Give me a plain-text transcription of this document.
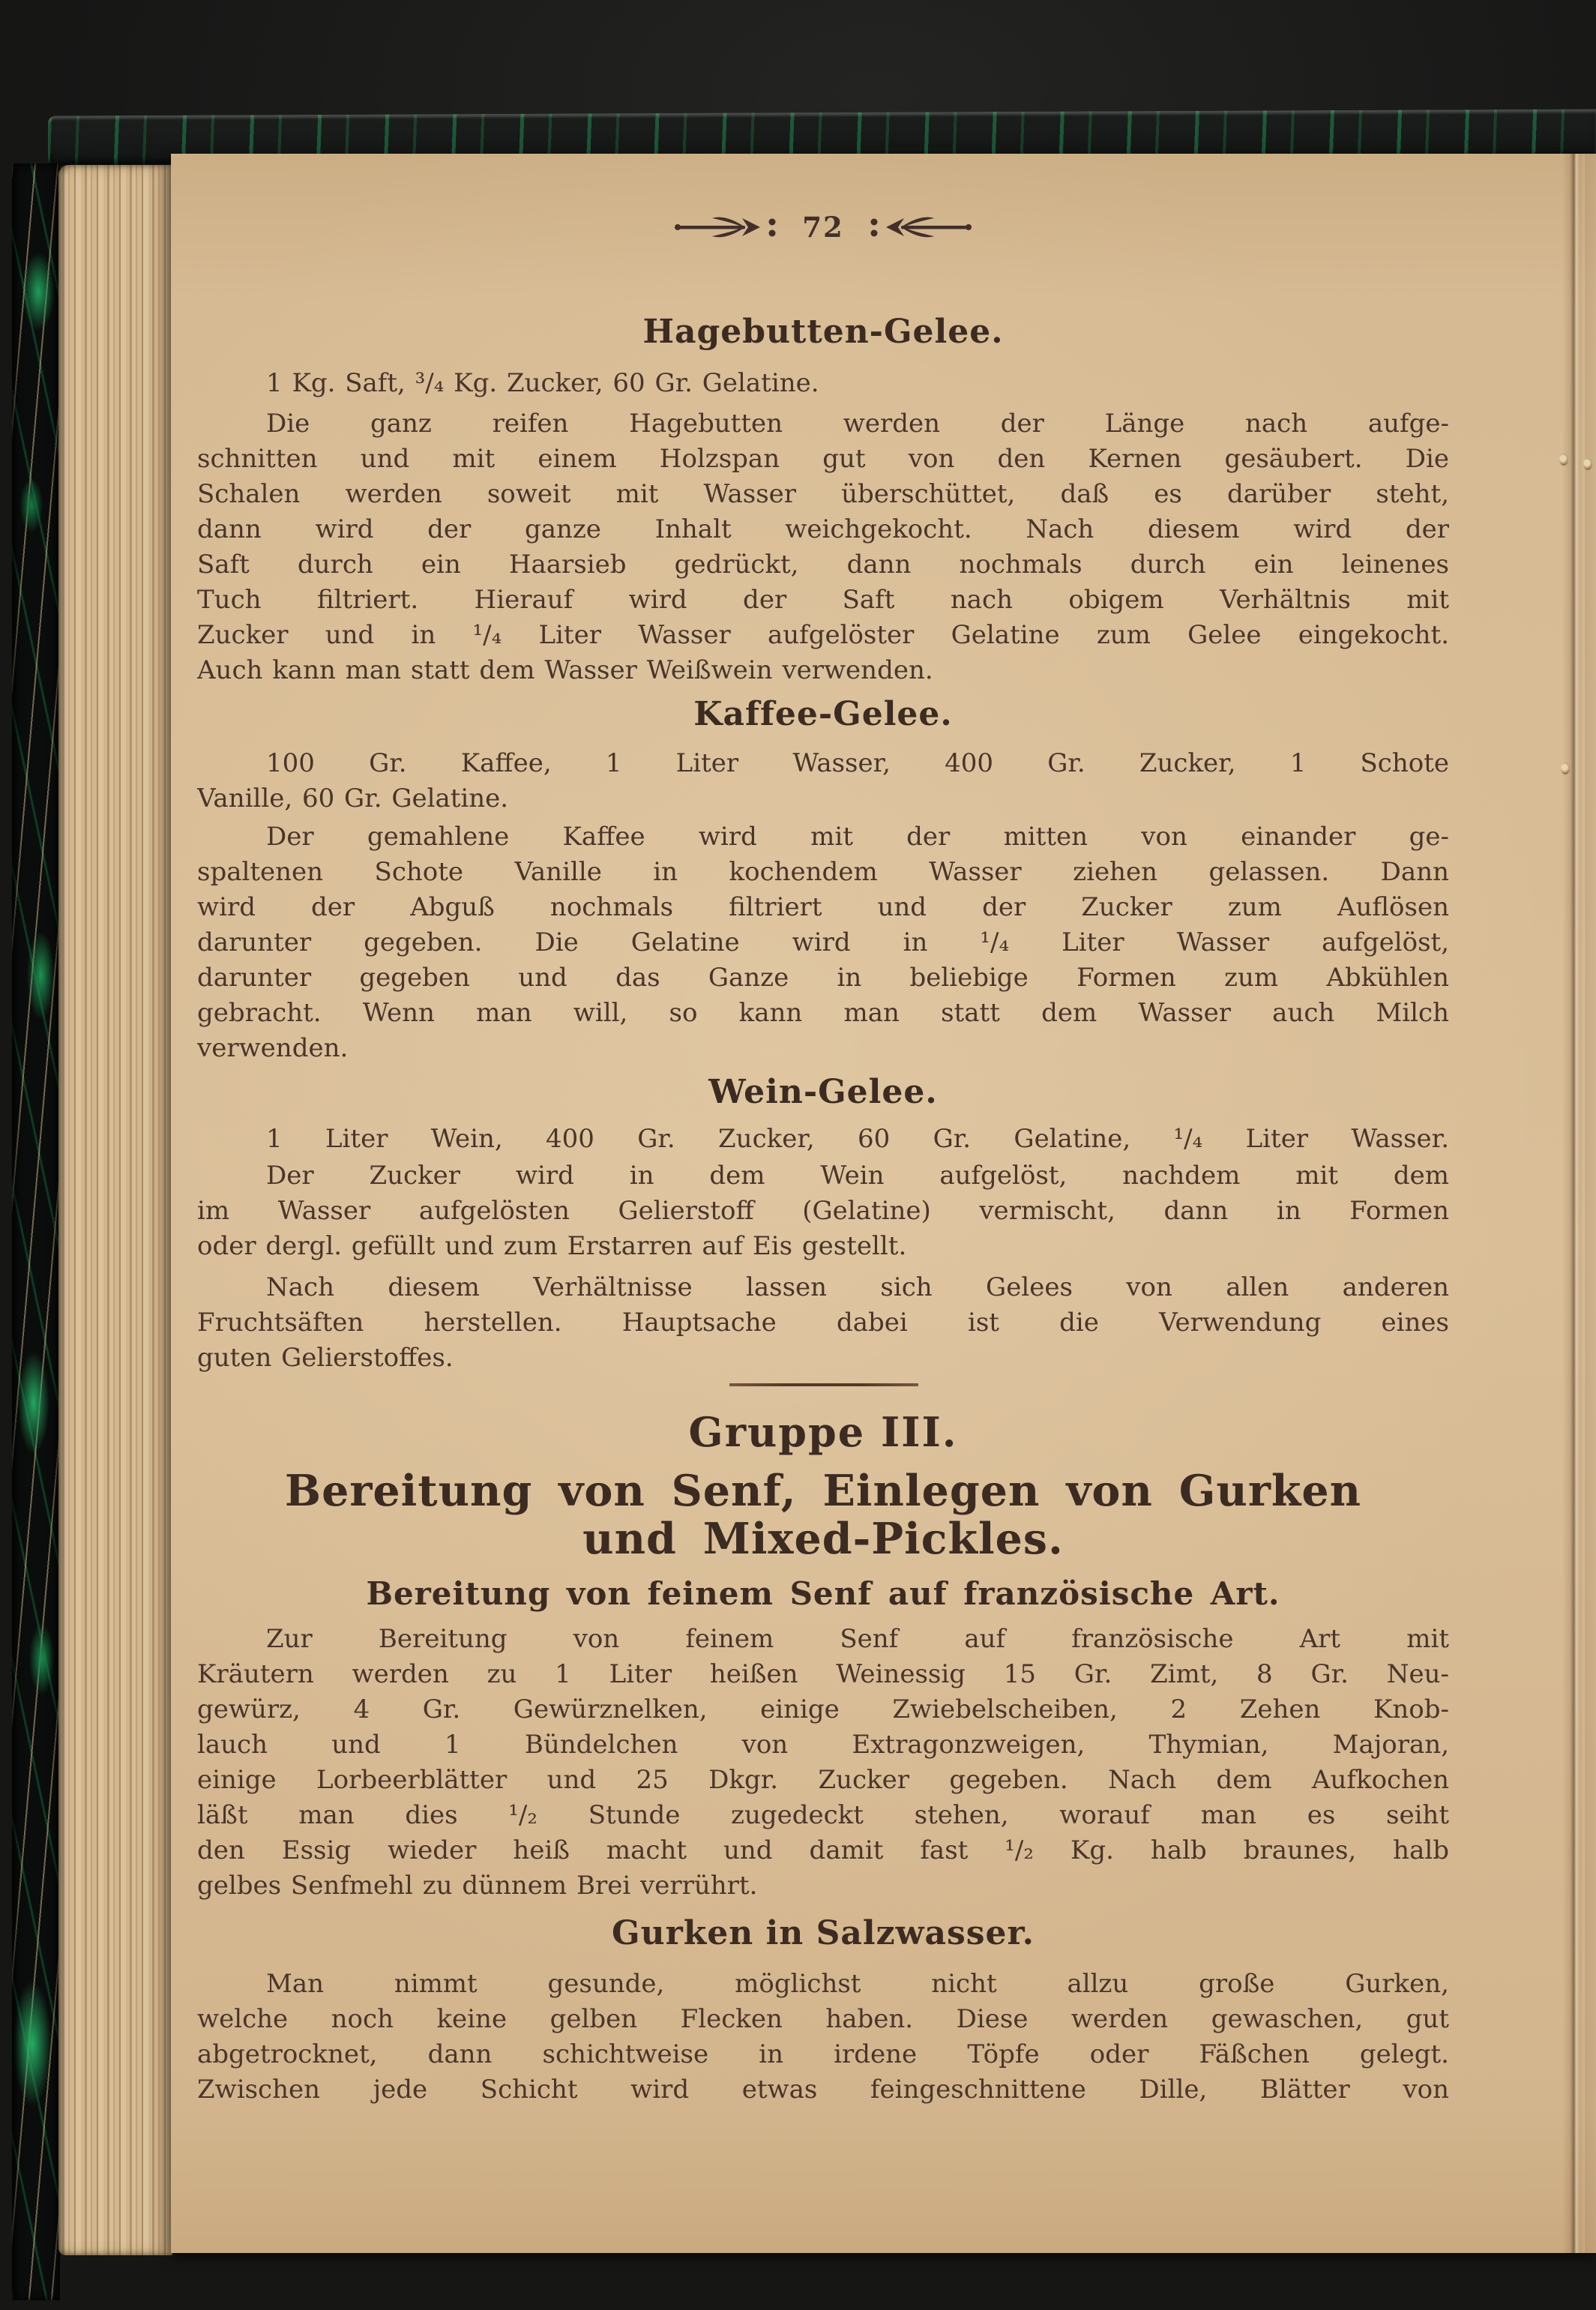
72
Hagebutten-Gelee.
1 Kg. Saft, ³/₄ Kg. Zucker, 60 Gr. Gelatine.
Die ganz reifen Hagebutten werden der Länge nach aufge-
schnitten und mit einem Holzspan gut von den Kernen gesäubert. Die
Schalen werden soweit mit Wasser überschüttet, daß es darüber steht,
dann wird der ganze Inhalt weichgekocht. Nach diesem wird der
Saft durch ein Haarsieb gedrückt, dann nochmals durch ein leinenes
Tuch filtriert. Hierauf wird der Saft nach obigem Verhältnis mit
Zucker und in ¹/₄ Liter Wasser aufgelöster Gelatine zum Gelee eingekocht.
Auch kann man statt dem Wasser Weißwein verwenden.
Kaffee-Gelee.
100 Gr. Kaffee, 1 Liter Wasser, 400 Gr. Zucker, 1 Schote
Vanille, 60 Gr. Gelatine.
Der gemahlene Kaffee wird mit der mitten von einander ge-
spaltenen Schote Vanille in kochendem Wasser ziehen gelassen. Dann
wird der Abguß nochmals filtriert und der Zucker zum Auflösen
darunter gegeben. Die Gelatine wird in ¹/₄ Liter Wasser aufgelöst,
darunter gegeben und das Ganze in beliebige Formen zum Abkühlen
gebracht. Wenn man will, so kann man statt dem Wasser auch Milch
verwenden.
Wein-Gelee.
1 Liter Wein, 400 Gr. Zucker, 60 Gr. Gelatine, ¹/₄ Liter Wasser.
Der Zucker wird in dem Wein aufgelöst, nachdem mit dem
im Wasser aufgelösten Gelierstoff (Gelatine) vermischt, dann in Formen
oder dergl. gefüllt und zum Erstarren auf Eis gestellt.
Nach diesem Verhältnisse lassen sich Gelees von allen anderen
Fruchtsäften herstellen. Hauptsache dabei ist die Verwendung eines
guten Gelierstoffes.
Gruppe III.
Bereitung von Senf, Einlegen von Gurken
und Mixed-Pickles.
Bereitung von feinem Senf auf französische Art.
Zur Bereitung von feinem Senf auf französische Art mit
Kräutern werden zu 1 Liter heißen Weinessig 15 Gr. Zimt, 8 Gr. Neu-
gewürz, 4 Gr. Gewürznelken, einige Zwiebelscheiben, 2 Zehen Knob-
lauch und 1 Bündelchen von Extragonzweigen, Thymian, Majoran,
einige Lorbeerblätter und 25 Dkgr. Zucker gegeben. Nach dem Aufkochen
läßt man dies ¹/₂ Stunde zugedeckt stehen, worauf man es seiht
den Essig wieder heiß macht und damit fast ¹/₂ Kg. halb braunes, halb
gelbes Senfmehl zu dünnem Brei verrührt.
Gurken in Salzwasser.
Man nimmt gesunde, möglichst nicht allzu große Gurken,
welche noch keine gelben Flecken haben. Diese werden gewaschen, gut
abgetrocknet, dann schichtweise in irdene Töpfe oder Fäßchen gelegt.
Zwischen jede Schicht wird etwas feingeschnittene Dille, Blätter von
